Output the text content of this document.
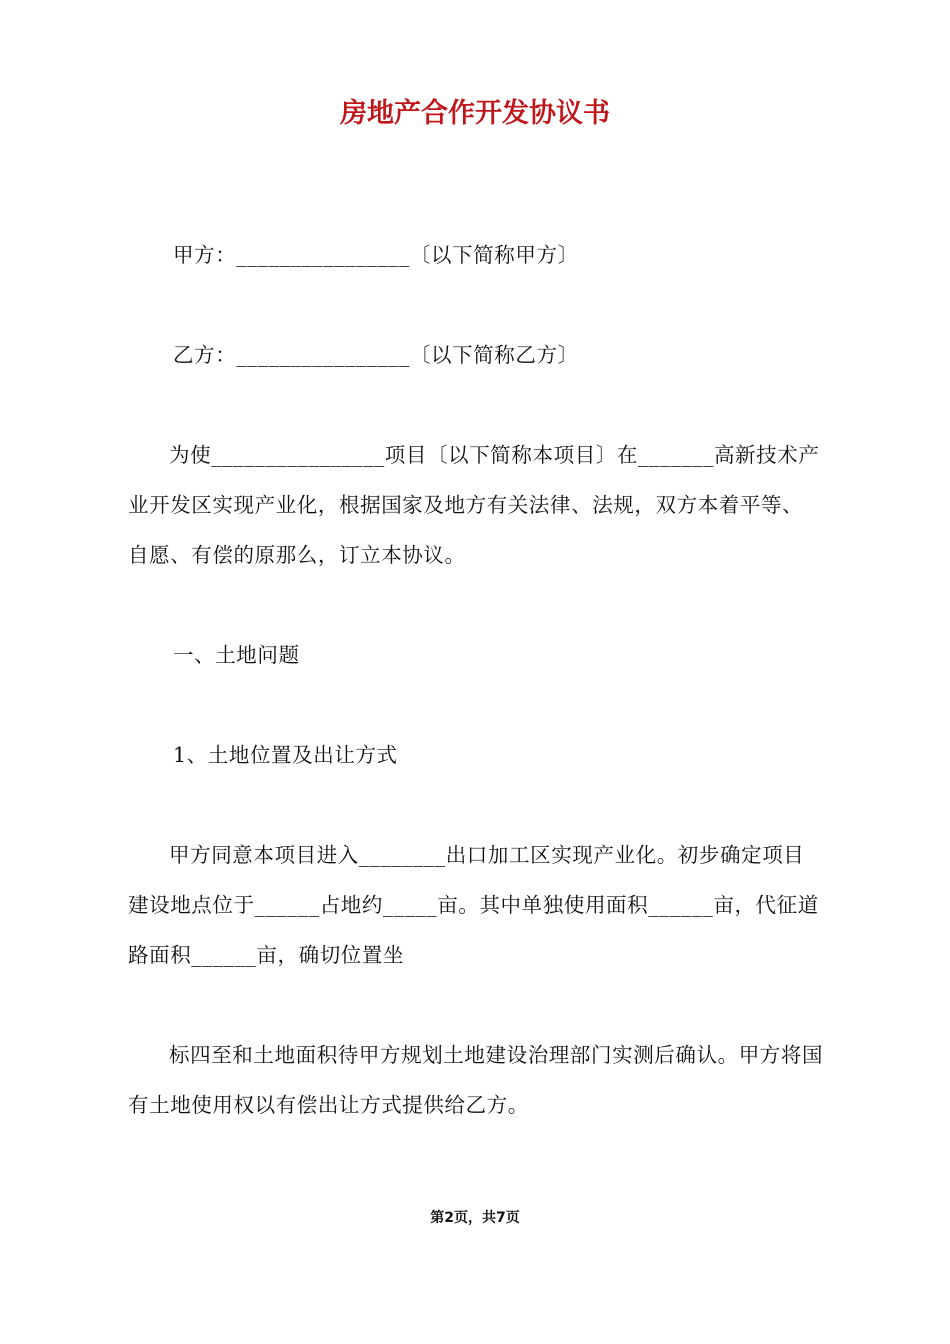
房地产合作开发协议书
甲方：________________〔以下简称甲方〕
乙方：________________〔以下简称乙方〕

为使________________项目〔以下简称本项目〕在_______高新技术产业开发区实现产业化，根据国家及地方有关法律、法规，双方本着平等、自愿、有偿的原那么，订立本协议。

一、土地问题
1、土地位置及出让方式

甲方同意本项目进入________出口加工区实现产业化。初步确定项目建设地点位于______占地约_____亩。其中单独使用面积______亩，代征道路面积______亩，确切位置坐

标四至和土地面积待甲方规划土地建设治理部门实测后确认。甲方将国有土地使用权以有偿出让方式提供给乙方。

第2页，共7页
